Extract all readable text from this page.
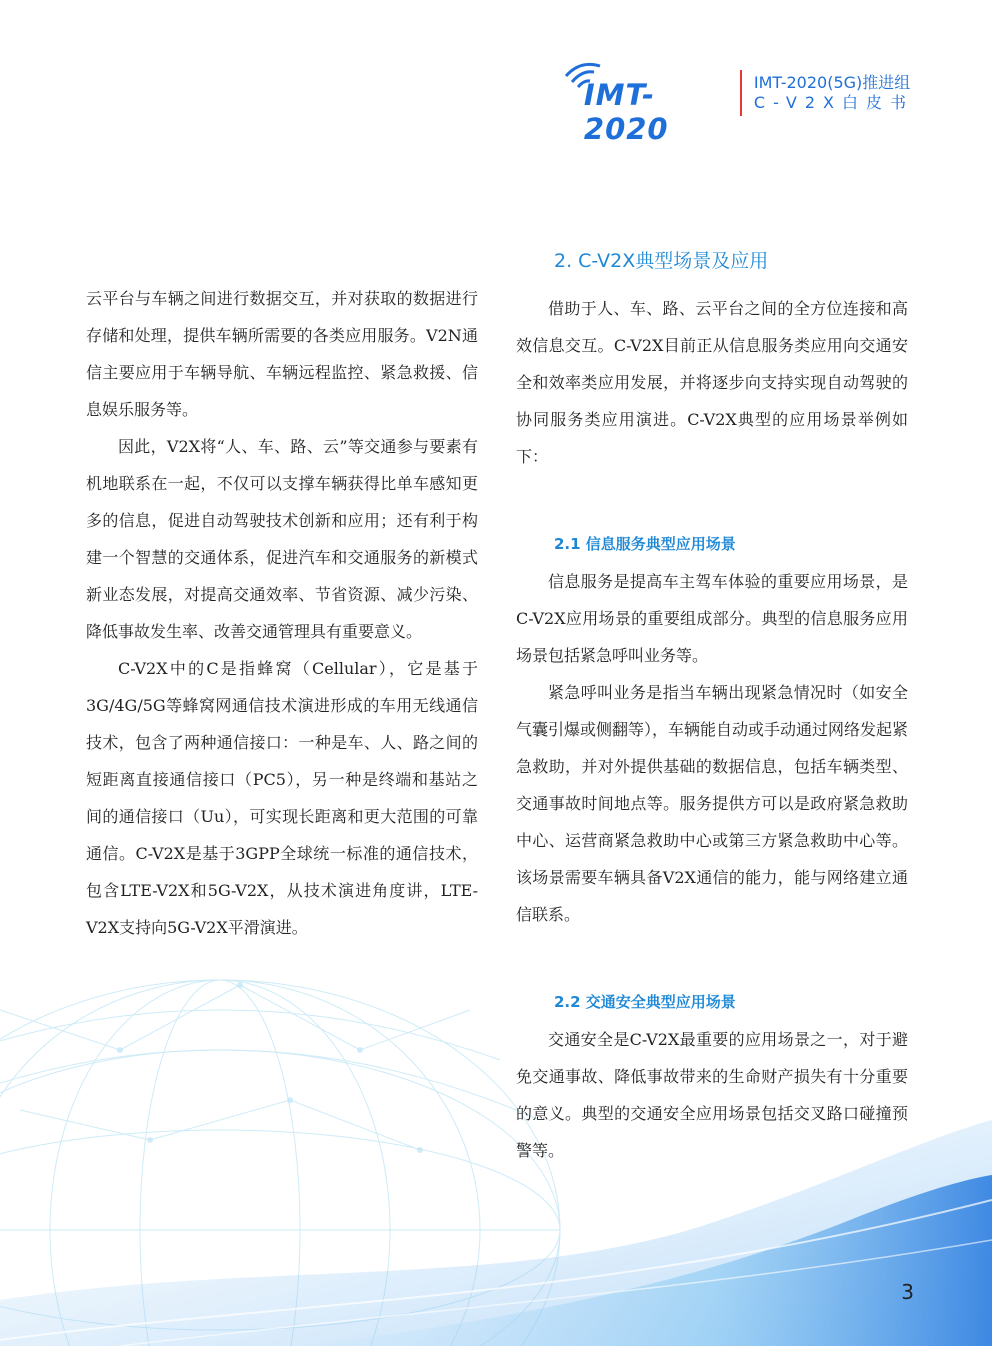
IMT-2020
IMT-2020(5G)推进组
C-V2X白皮书

云平台与车辆之间进行数据交互，并对获取的数据进行存储和处理，提供车辆所需要的各类应用服务。V2N通信主要应用于车辆导航、车辆远程监控、紧急救援、信息娱乐服务等。

因此，V2X将“人、车、路、云”等交通参与要素有机地联系在一起，不仅可以支撑车辆获得比单车感知更多的信息，促进自动驾驶技术创新和应用；还有利于构建一个智慧的交通体系，促进汽车和交通服务的新模式新业态发展，对提高交通效率、节省资源、减少污染、降低事故发生率、改善交通管理具有重要意义。

C-V2X中的C是指蜂窝（Cellular），它是基于3G/4G/5G等蜂窝网通信技术演进形成的车用无线通信技术，包含了两种通信接口：一种是车、人、路之间的短距离直接通信接口（PC5），另一种是终端和基站之间的通信接口（Uu），可实现长距离和更大范围的可靠通信。C-V2X是基于3GPP全球统一标准的通信技术，包含LTE-V2X和5G-V2X，从技术演进角度讲，LTE-V2X支持向5G-V2X平滑演进。

2. C-V2X典型场景及应用

借助于人、车、路、云平台之间的全方位连接和高效信息交互。C-V2X目前正从信息服务类应用向交通安全和效率类应用发展，并将逐步向支持实现自动驾驶的协同服务类应用演进。C-V2X典型的应用场景举例如下：

2.1 信息服务典型应用场景

信息服务是提高车主驾车体验的重要应用场景，是C-V2X应用场景的重要组成部分。典型的信息服务应用场景包括紧急呼叫业务等。

紧急呼叫业务是指当车辆出现紧急情况时（如安全气囊引爆或侧翻等），车辆能自动或手动通过网络发起紧急救助，并对外提供基础的数据信息，包括车辆类型、交通事故时间地点等。服务提供方可以是政府紧急救助中心、运营商紧急救助中心或第三方紧急救助中心等。该场景需要车辆具备V2X通信的能力，能与网络建立通信联系。

2.2 交通安全典型应用场景

交通安全是C-V2X最重要的应用场景之一，对于避免交通事故、降低事故带来的生命财产损失有十分重要的意义。典型的交通安全应用场景包括交叉路口碰撞预警等。

3
